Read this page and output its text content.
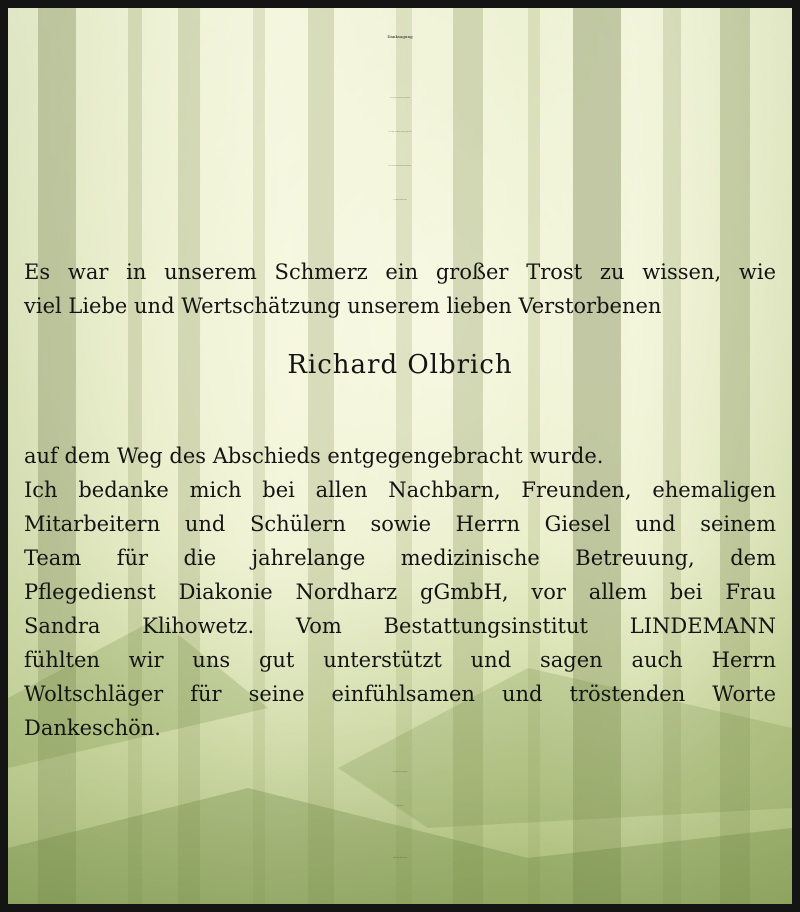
Danksagung
Eine Stimme, die vertraut war, schweigt.
Ein Mensch, der immer da war, ist nicht mehr.
Was bleibt sind die dankbaren Erinnerungen,
die niemand nehmen kann.
Es war in unserem Schmerz ein großer Trost zu wissen, wie
viel Liebe und Wertschätzung unserem lieben Verstorbenen
Richard Olbrich
auf dem Weg des Abschieds entgegengebracht wurde.
Ich bedanke mich bei allen Nachbarn, Freunden, ehemaligen
Mitarbeitern und Schülern sowie Herrn Giesel und seinem
Team für die jahrelange medizinische Betreuung, dem
Pflegedienst Diakonie Nordharz gGmbH, vor allem bei Frau
Sandra Klihowetz. Vom Bestattungsinstitut LINDEMANN
fühlten wir uns gut unterstützt und sagen auch Herrn
Woltschläger für seine einfühlsamen und tröstenden Worte
Dankeschön.
Im Namen aller Angehörigen
Inge Olbrich
Blankenburg, im März 2020
